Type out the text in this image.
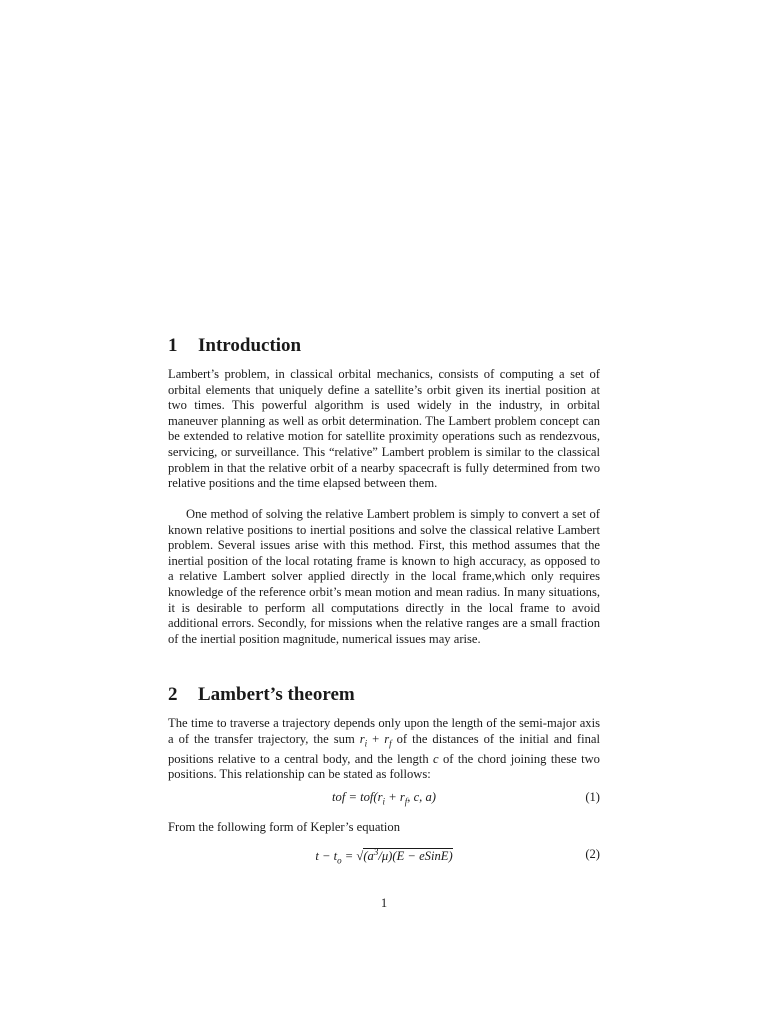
1 Introduction

Lambert’s problem, in classical orbital mechanics, consists of computing a set of orbital elements that uniquely define a satellite’s orbit given its inertial position at two times. This powerful algorithm is used widely in the industry, in orbital maneuver planning as well as orbit determination. The Lambert problem concept can be extended to relative motion for satellite proximity operations such as rendezvous, servicing, or surveillance. This “relative” Lambert problem is similar to the classical problem in that the relative orbit of a nearby spacecraft is fully determined from two relative positions and the time elapsed between them.

One method of solving the relative Lambert problem is simply to convert a set of known relative positions to inertial positions and solve the classical relative Lambert problem. Several issues arise with this method. First, this method assumes that the inertial position of the local rotating frame is known to high accuracy, as opposed to a relative Lambert solver applied directly in the local frame,which only requires knowledge of the reference orbit’s mean motion and mean radius. In many situations, it is desirable to perform all computations directly in the local frame to avoid additional errors. Secondly, for missions when the relative ranges are a small fraction of the inertial position magnitude, numerical issues may arise.

2 Lambert’s theorem

The time to traverse a trajectory depends only upon the length of the semi-major axis a of the transfer trajectory, the sum $r_i + r_f$ of the distances of the initial and final positions relative to a central body, and the length c of the chord joining these two positions. This relationship can be stated as follows:

tof = $tof(r_i + r_f$, c, a)	(1)

From the following form of Kepler’s equation

$t - t_o = √(a^3/\mu)(E$ − eSinE)	(2)
1
